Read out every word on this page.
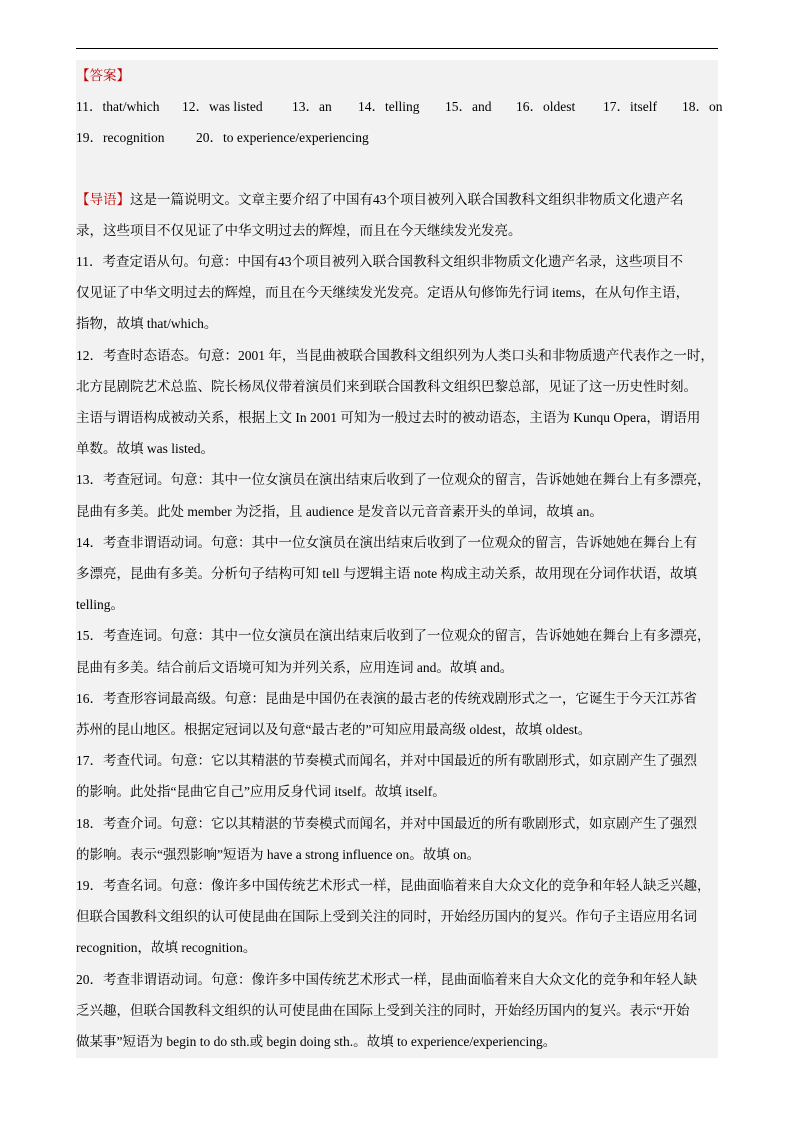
【答案】
11．that/which 12．was listed 13．an 14．telling 15．and 16．oldest 17．itself 18．on
19．recognition 20．to experience/experiencing
【导语】这是一篇说明文。文章主要介绍了中国有43个项目被列入联合国教科文组织非物质文化遗产名
录，这些项目不仅见证了中华文明过去的辉煌，而且在今天继续发光发亮。
11．考查定语从句。句意：中国有43个项目被列入联合国教科文组织非物质文化遗产名录，这些项目不
仅见证了中华文明过去的辉煌，而且在今天继续发光发亮。定语从句修饰先行词 items，在从句作主语，
指物，故填 that/which。
12．考查时态语态。句意：2001 年，当昆曲被联合国教科文组织列为人类口头和非物质遗产代表作之一时，
北方昆剧院艺术总监、院长杨凤仪带着演员们来到联合国教科文组织巴黎总部，见证了这一历史性时刻。
主语与谓语构成被动关系，根据上文 In 2001 可知为一般过去时的被动语态，主语为 Kunqu Opera，谓语用
单数。故填 was listed。
13．考查冠词。句意：其中一位女演员在演出结束后收到了一位观众的留言，告诉她她在舞台上有多漂亮，
昆曲有多美。此处 member 为泛指，且 audience 是发音以元音音素开头的单词，故填 an。
14．考查非谓语动词。句意：其中一位女演员在演出结束后收到了一位观众的留言，告诉她她在舞台上有
多漂亮，昆曲有多美。分析句子结构可知 tell 与逻辑主语 note 构成主动关系，故用现在分词作状语，故填
telling。
15．考查连词。句意：其中一位女演员在演出结束后收到了一位观众的留言，告诉她她在舞台上有多漂亮，
昆曲有多美。结合前后文语境可知为并列关系，应用连词 and。故填 and。
16．考查形容词最高级。句意：昆曲是中国仍在表演的最古老的传统戏剧形式之一，它诞生于今天江苏省
苏州的昆山地区。根据定冠词以及句意“最古老的”可知应用最高级 oldest，故填 oldest。
17．考查代词。句意：它以其精湛的节奏模式而闻名，并对中国最近的所有歌剧形式，如京剧产生了强烈
的影响。此处指“昆曲它自己”应用反身代词 itself。故填 itself。
18．考查介词。句意：它以其精湛的节奏模式而闻名，并对中国最近的所有歌剧形式，如京剧产生了强烈
的影响。表示“强烈影响”短语为 have a strong influence on。故填 on。
19．考查名词。句意：像许多中国传统艺术形式一样，昆曲面临着来自大众文化的竞争和年轻人缺乏兴趣，
但联合国教科文组织的认可使昆曲在国际上受到关注的同时，开始经历国内的复兴。作句子主语应用名词
recognition，故填 recognition。
20．考查非谓语动词。句意：像许多中国传统艺术形式一样，昆曲面临着来自大众文化的竞争和年轻人缺
乏兴趣，但联合国教科文组织的认可使昆曲在国际上受到关注的同时，开始经历国内的复兴。表示“开始
做某事”短语为 begin to do sth.或 begin doing sth.。故填 to experience/experiencing。
